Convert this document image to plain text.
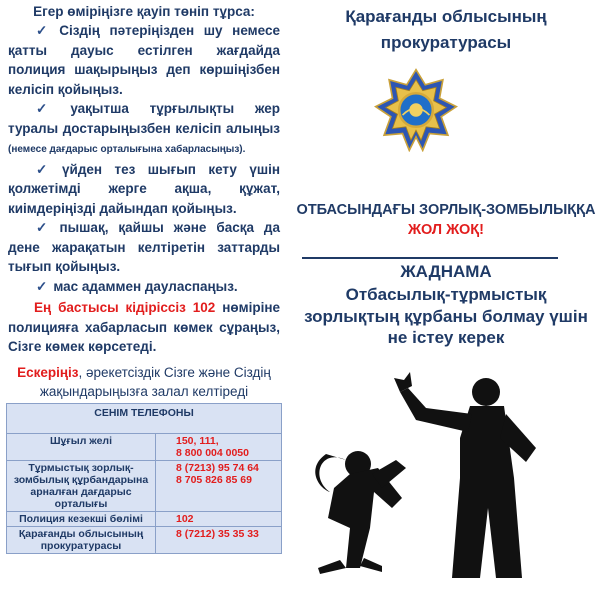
Егер өміріңізге қауіп төніп тұрса:

✓ Сіздің пәтеріңізден шу немесе қатты дауыс естілген жағдайда полиция шақырыңыз деп көршіңізбен келісіп қойыңыз.

✓ уақытша тұрғылықты жер туралы достарыңызбен келісіп алыңыз (немесе дағдарыс орталығына хабарласыңыз).

✓ үйден тез шығып кету үшін қолжетімді жерге ақша, құжат, киімдеріңізді дайындап қойыңыз.

✓ пышақ, қайшы және басқа да дене жарақатын келтіретін заттарды тығып қойыңыз.

✓ мас адаммен дауласпаңыз.

Ең бастысы кідіріссіз 102 нөміріне полицияға хабарласып көмек сұраңыз, Сізге көмек көрсетеді.

Ескеріңіз, әрекетсіздік Сізге және Сіздің жақындарыңызға залал келтіреді

СЕНІМ ТЕЛЕФОНЫ	
Шұғыл желі	150, 111,
8 800 004 0050
Тұрмыстық зорлық-зомбылық құрбандарына арналған дағдарыс орталығы	8 (7213) 95 74 64
8 705 826 85 69
Полиция кезекші бөлімі	102
Қарағанды облысының прокуратурасы	8 (7212) 35 35 33
Қарағанды облысының прокуратурасы
ОТБАСЫНДАҒЫ ЗОРЛЫҚ-ЗОМБЫЛЫҚҚА
ЖОЛ ЖОҚ!
ЖАДНАМА
Отбасылық-тұрмыстық зорлықтың құрбаны болмау үшін не істеу керек
